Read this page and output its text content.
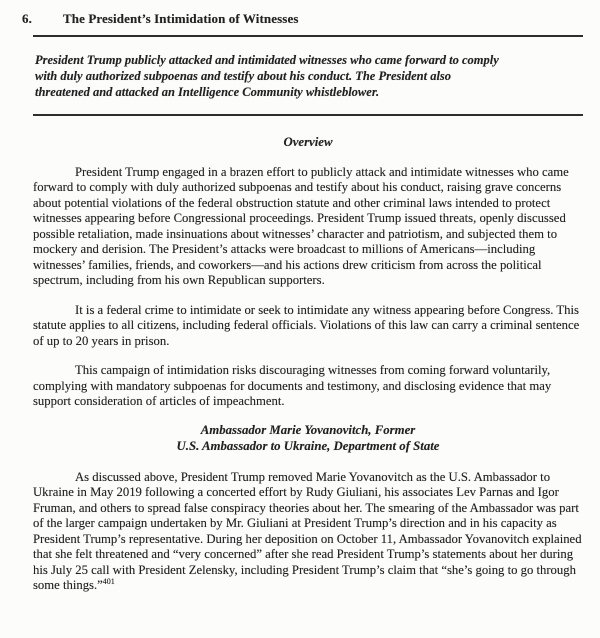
6. The President’s Intimidation of Witnesses

President Trump publicly attacked and intimidated witnesses who came forward to comply with duly authorized subpoenas and testify about his conduct. The President also threatened and attacked an Intelligence Community whistleblower.

Overview

President Trump engaged in a brazen effort to publicly attack and intimidate witnesses who came forward to comply with duly authorized subpoenas and testify about his conduct, raising grave concerns about potential violations of the federal obstruction statute and other criminal laws intended to protect witnesses appearing before Congressional proceedings. President Trump issued threats, openly discussed possible retaliation, made insinuations about witnesses’ character and patriotism, and subjected them to mockery and derision. The President’s attacks were broadcast to millions of Americans—including witnesses’ families, friends, and coworkers—and his actions drew criticism from across the political spectrum, including from his own Republican supporters.

It is a federal crime to intimidate or seek to intimidate any witness appearing before Congress. This statute applies to all citizens, including federal officials. Violations of this law can carry a criminal sentence of up to 20 years in prison.

This campaign of intimidation risks discouraging witnesses from coming forward voluntarily, complying with mandatory subpoenas for documents and testimony, and disclosing evidence that may support consideration of articles of impeachment.

Ambassador Marie Yovanovitch, Former
U.S. Ambassador to Ukraine, Department of State

As discussed above, President Trump removed Marie Yovanovitch as the U.S. Ambassador to Ukraine in May 2019 following a concerted effort by Rudy Giuliani, his associates Lev Parnas and Igor Fruman, and others to spread false conspiracy theories about her. The smearing of the Ambassador was part of the larger campaign undertaken by Mr. Giuliani at President Trump’s direction and in his capacity as President Trump’s representative. During her deposition on October 11, Ambassador Yovanovitch explained that she felt threatened and “very concerned” after she read President Trump’s statements about her during his July 25 call with President Zelensky, including President Trump’s claim that “she’s going to go through some things.”$^{401}$
